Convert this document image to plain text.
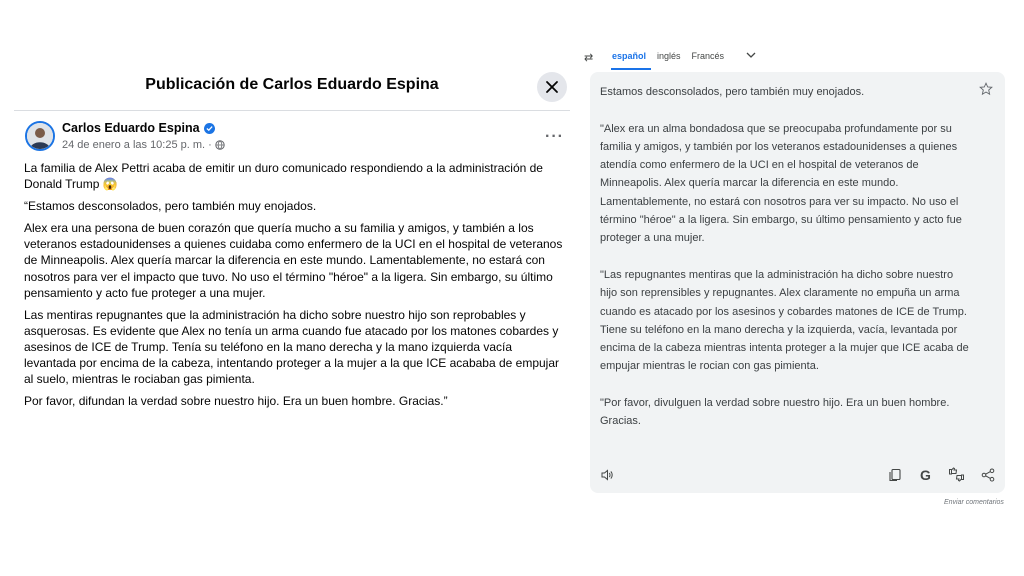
Publicación de Carlos Eduardo Espina
Carlos Eduardo Espina
24 de enero a las 10:25 p. m. ·	···

La familia de Alex Pettri acaba de emitir un duro comunicado respondiendo a la administración de Donald Trump 😱

“Estamos desconsolados, pero también muy enojados.

Alex era una persona de buen corazón que quería mucho a su familia y amigos, y también a los veteranos estadounidenses a quienes cuidaba como enfermero de la UCI en el hospital de veteranos de Minneapolis. Alex quería marcar la diferencia en este mundo. Lamentablemente, no estará con nosotros para ver el impacto que tuvo. No uso el término "héroe" a la ligera. Sin embargo, su último pensamiento y acto fue proteger a una mujer.

Las mentiras repugnantes que la administración ha dicho sobre nuestro hijo son reprobables y asquerosas. Es evidente que Alex no tenía un arma cuando fue atacado por los matones cobardes y asesinos de ICE de Trump. Tenía su teléfono en la mano derecha y la mano izquierda vacía levantada por encima de la cabeza, intentando proteger a la mujer a la que ICE acababa de empujar al suelo, mientras le rociaban gas pimienta.

Por favor, difundan la verdad sobre nuestro hijo. Era un buen hombre. Gracias.”

⇄ español	inglés	Francés

Estamos desconsolados, pero también muy enojados.

"Alex era un alma bondadosa que se preocupaba profundamente por su familia y amigos, y también por los veteranos estadounidenses a quienes atendía como enfermero de la UCI en el hospital de veteranos de Minneapolis. Alex quería marcar la diferencia en este mundo. Lamentablemente, no estará con nosotros para ver su impacto. No uso el término "héroe" a la ligera. Sin embargo, su último pensamiento y acto fue proteger a una mujer.

"Las repugnantes mentiras que la administración ha dicho sobre nuestro hijo son reprensibles y repugnantes. Alex claramente no empuña un arma cuando es atacado por los asesinos y cobardes matones de ICE de Trump. Tiene su teléfono en la mano derecha y la izquierda, vacía, levantada por encima de la cabeza mientras intenta proteger a la mujer que ICE acaba de empujar mientras le rocian con gas pimienta.

"Por favor, divulguen la verdad sobre nuestro hijo. Era un buen hombre. Gracias.

G
Enviar comentarios
